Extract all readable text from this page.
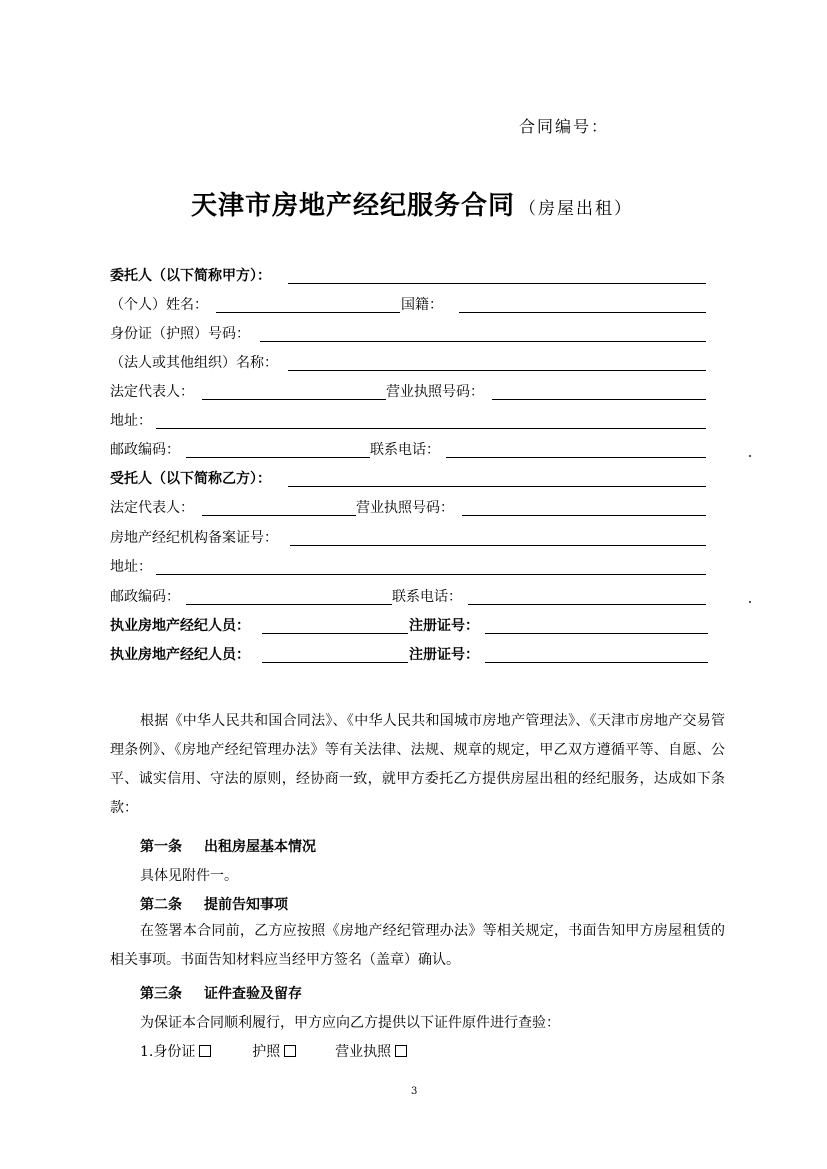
合同编号：
天津市房地产经纪服务合同 （房屋出租）
委托人（以下简称甲方）：
（个人）姓名：	国籍：
身份证（护照）号码：
（法人或其他组织）名称：
法定代表人：	营业执照号码：
地址：
邮政编码：	联系电话：
受托人（以下简称乙方）：
法定代表人：	营业执照号码：
房地产经纪机构备案证号：
地址：
邮政编码：	联系电话：
执业房地产经纪人员：	注册证号：
执业房地产经纪人员：	注册证号：
根据《中华人民共和国合同法》、《中华人民共和国城市房地产管理法》、《天津市房地产交易管理条例》、《房地产经纪管理办法》等有关法律、法规、规章的规定，甲乙双方遵循平等、自愿、公平、诚实信用、守法的原则，经协商一致，就甲方委托乙方提供房屋出租的经纪服务，达成如下条款：
第一条 出租房屋基本情况
具体见附件一。
第二条 提前告知事项
在签署本合同前，乙方应按照《房地产经纪管理办法》等相关规定，书面告知甲方房屋租赁的相关事项。书面告知材料应当经甲方签名（盖章）确认。
第三条 证件查验及留存
为保证本合同顺利履行，甲方应向乙方提供以下证件原件进行查验：
1.身份证	护照	营业执照
3
